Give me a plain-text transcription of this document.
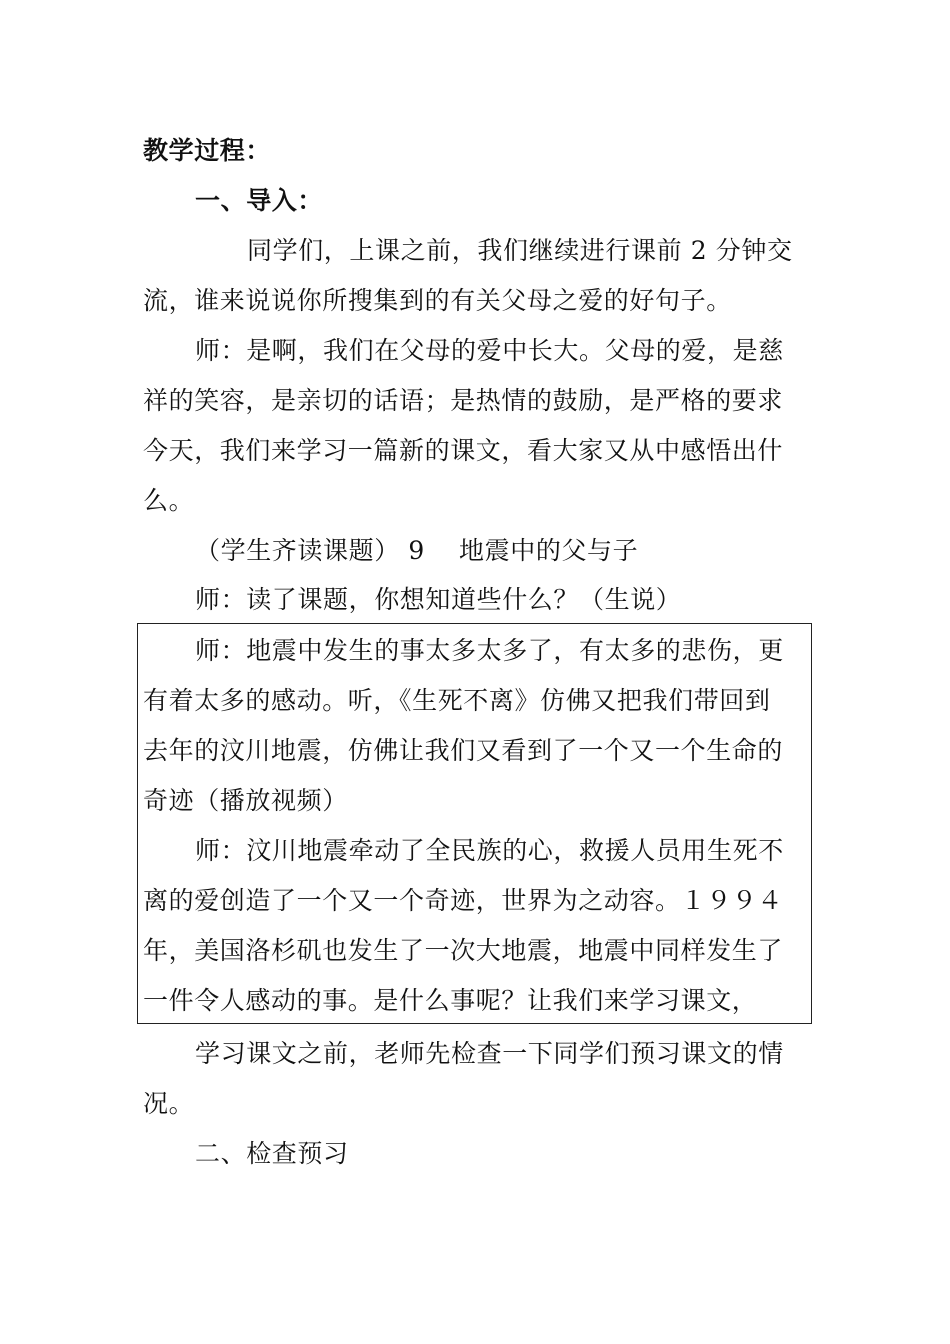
教学过程：
一、导入：
同学们，上课之前，我们继续进行课前 2 分钟交
流，谁来说说你所搜集到的有关父母之爱的好句子。
师：是啊，我们在父母的爱中长大。父母的爱，是慈
祥的笑容，是亲切的话语；是热情的鼓励，是严格的要求
今天，我们来学习一篇新的课文，看大家又从中感悟出什
么。
（学生齐读课题） 9    地震中的父与子
师：读了课题，你想知道些什么？（生说）
师：地震中发生的事太多太多了，有太多的悲伤，更
有着太多的感动。听，《生死不离》仿佛又把我们带回到
去年的汶川地震，仿佛让我们又看到了一个又一个生命的
奇迹（播放视频）
师：汶川地震牵动了全民族的心，救援人员用生死不
离的爱创造了一个又一个奇迹，世界为之动容。１９９４
年，美国洛杉矶也发生了一次大地震，地震中同样发生了
一件令人感动的事。是什么事呢？让我们来学习课文，
学习课文之前，老师先检查一下同学们预习课文的情
况。
二、检查预习
